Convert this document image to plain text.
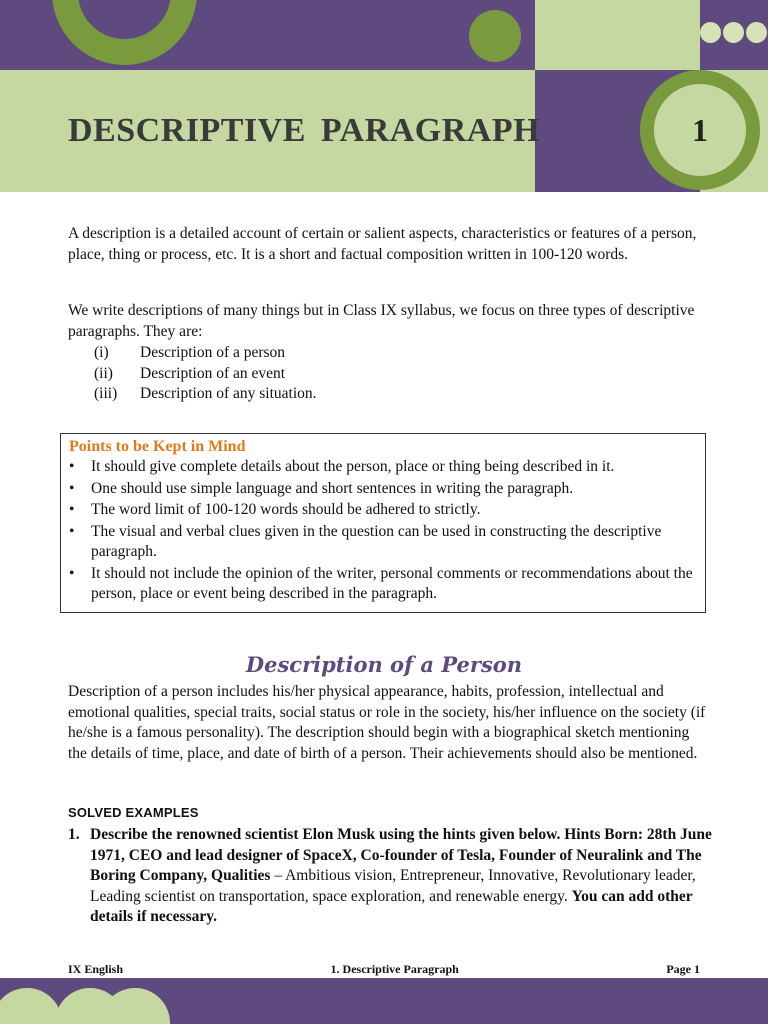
1
DESCRIPTIVE PARAGRAPH

A description is a detailed account of certain or salient aspects, characteristics or features of a person, place, thing or process, etc. It is a short and factual composition written in 100-120 words.

We write descriptions of many things but in Class IX syllabus, we focus on three types of descriptive paragraphs. They are:

(i)	Description of a person
(ii)	Description of an event
(iii)	Description of any situation.
Points to be Kept in Mind
•	It should give complete details about the person, place or thing being described in it.
•	One should use simple language and short sentences in writing the paragraph.
•	The word limit of 100-120 words should be adhered to strictly.
•	The visual and verbal clues given in the question can be used in constructing the descriptive paragraph.
•	It should not include the opinion of the writer, personal comments or recommendations about the person, place or event being described in the paragraph.
Description of a Person

Description of a person includes his/her physical appearance, habits, profession, intellectual and emotional qualities, special traits, social status or role in the society, his/her influence on the society (if he/she is a famous personality). The description should begin with a biographical sketch mentioning the details of time, place, and date of birth of a person. Their achievements should also be mentioned.

SOLVED EXAMPLES

1. Describe the renowned scientist Elon Musk using the hints given below. Hints Born: 28th June 1971, CEO and lead designer of SpaceX, Co-founder of Tesla, Founder of Neuralink and The Boring Company, Qualities – Ambitious vision, Entrepreneur, Innovative, Revolutionary leader, Leading scientist on transportation, space exploration, and renewable energy. You can add other details if necessary.
IX English	1. Descriptive Paragraph	Page 1
